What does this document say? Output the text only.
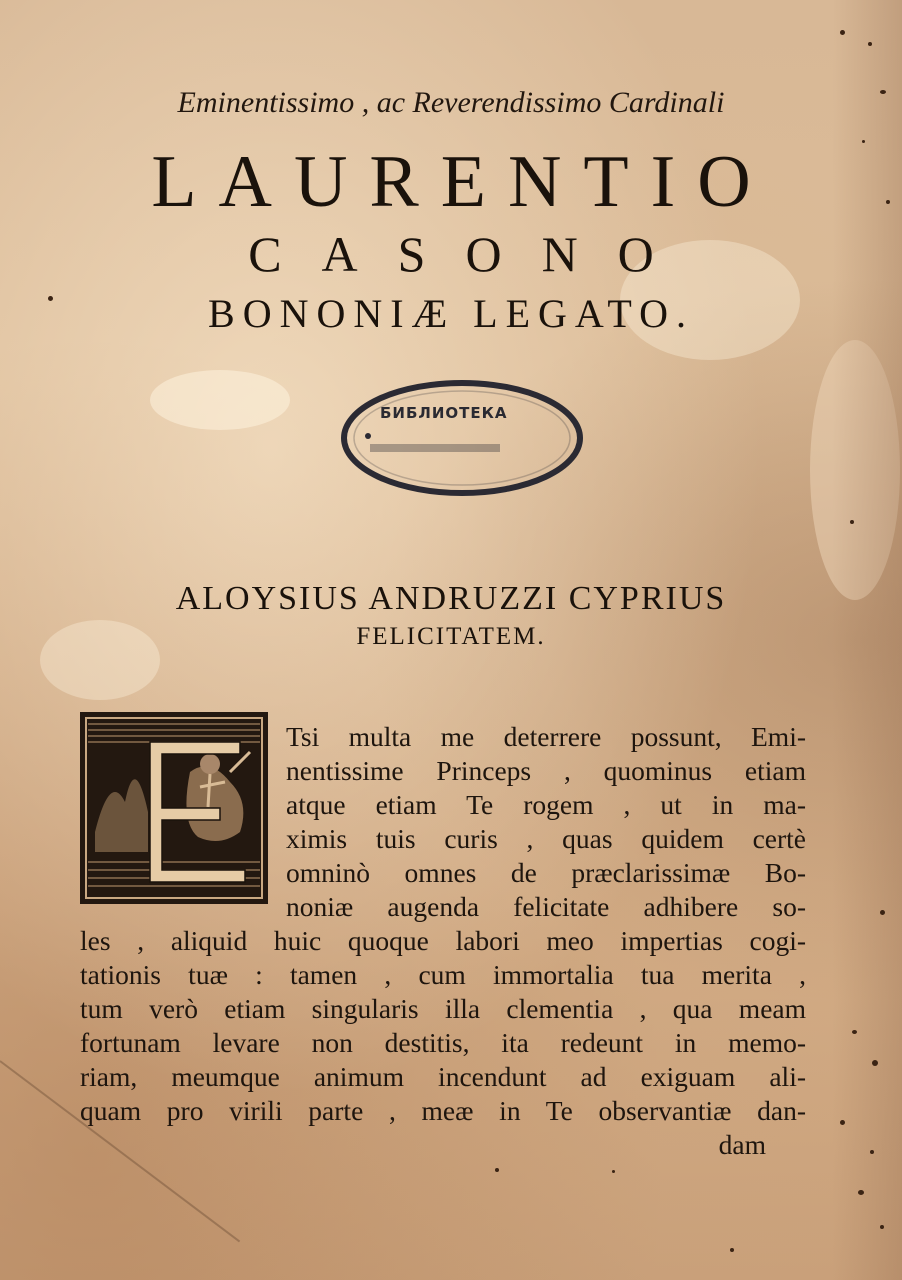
Eminentissimo , ac Reverendissimo Cardinali
LAURENTIO
CASONO
BONONIÆ LEGATO.
БИБЛИОТЕКА
ALOYSIUS ANDRUZZI CYPRIUS
FELICITATEM.
Tsi multa me deterrere possunt, Emi-
nentissime Princeps , quominus etiam
atque etiam Te rogem , ut in ma-
ximis tuis curis , quas quidem certè
omninò omnes de præclarissimæ Bo-
noniæ augenda felicitate adhibere so-
les , aliquid huic quoque labori meo impertias cogi-
tationis tuæ : tamen , cum immortalia tua merita ,
tum verò etiam singularis illa clementia , qua meam
fortunam levare non destitis, ita redeunt in memo-
riam, meumque animum incendunt ad exiguam ali-
quam pro virili parte , meæ in Te observantiæ dan-
dam
